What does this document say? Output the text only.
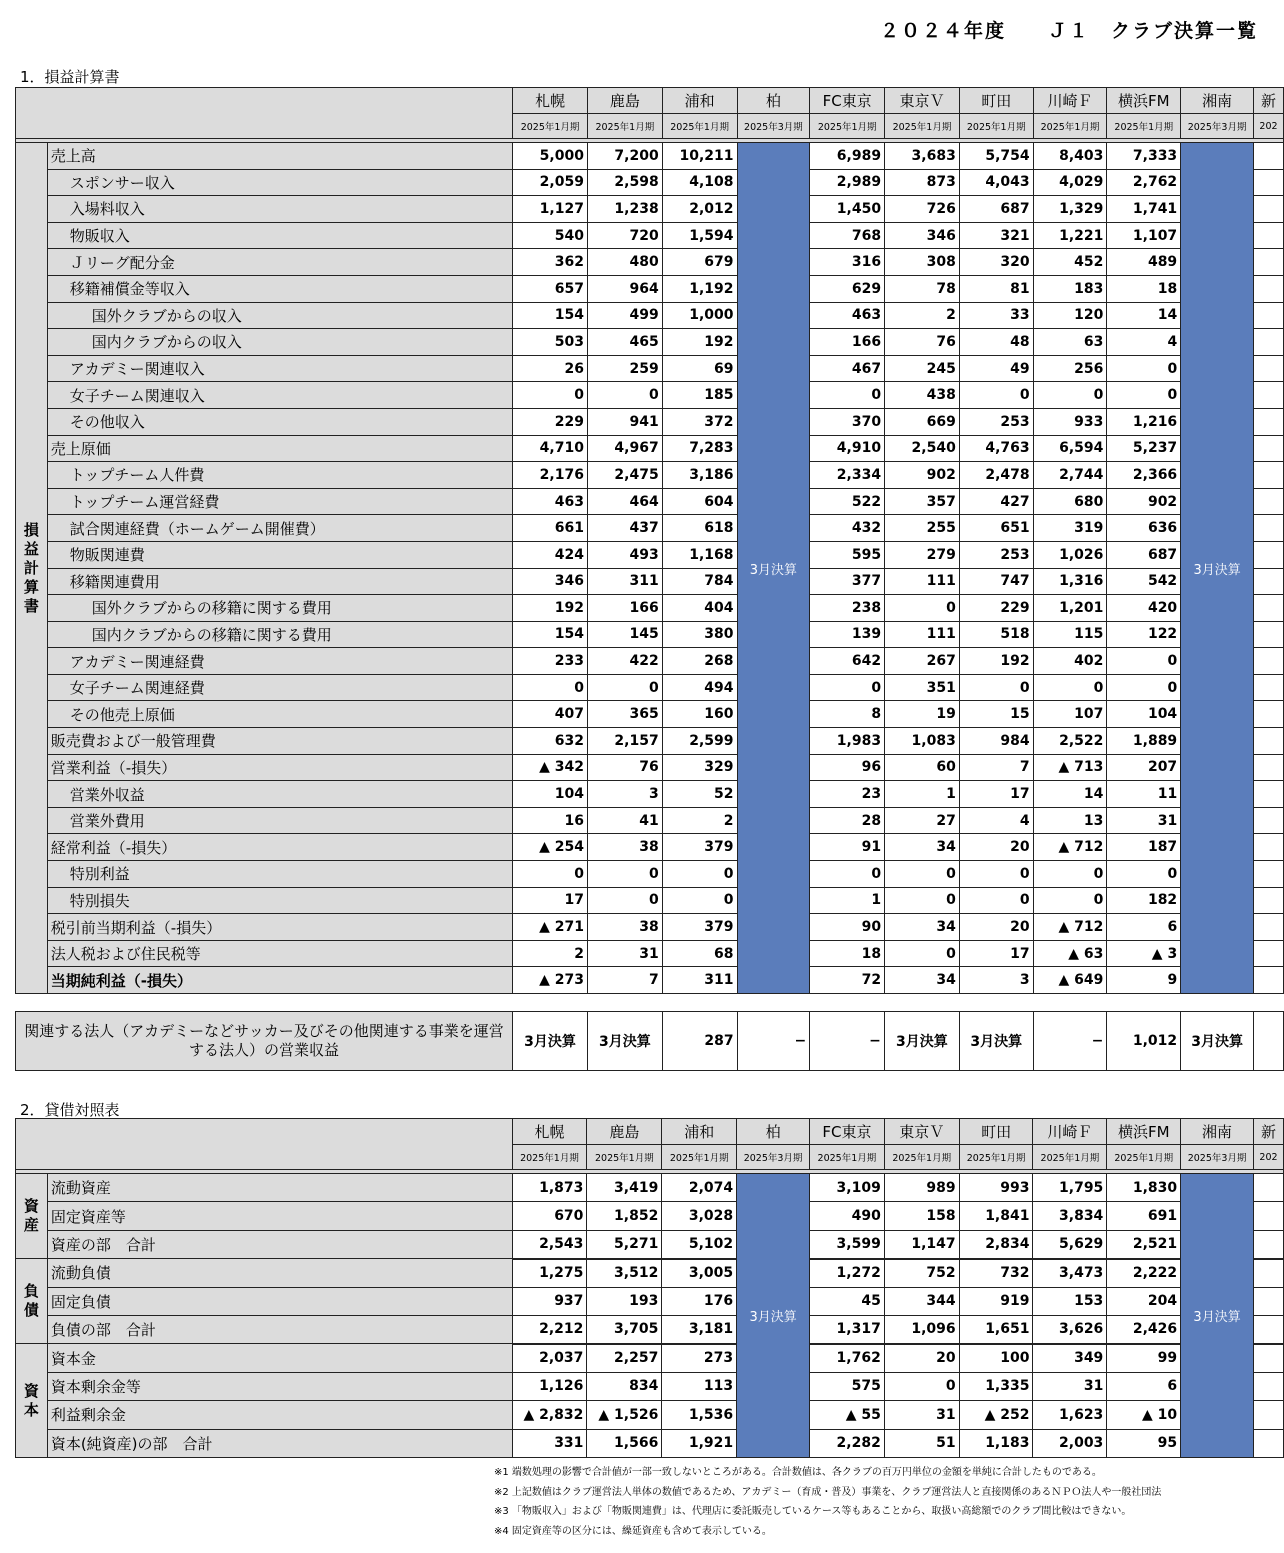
２０２４年度　　Ｊ１　クラブ決算一覧
1．損益計算書
		札幌	鹿島	浦和	柏	FC東京	東京Ｖ	町田	川崎Ｆ	横浜FM	湘南	新
		2025年1月期	2025年1月期	2025年1月期	2025年3月期	2025年1月期	2025年1月期	2025年1月期	2025年1月期	2025年1月期	2025年3月期	202

損益計算書	売上高	5,000	7,200	10,211	3月決算	6,989	3,683	5,754	8,403	7,333	3月決算	
	スポンサー収入	2,059	2,598	4,108		2,989	873	4,043	4,029	2,762		
	入場料収入	1,127	1,238	2,012		1,450	726	687	1,329	1,741		
	物販収入	540	720	1,594		768	346	321	1,221	1,107		
	Ｊリーグ配分金	362	480	679		316	308	320	452	489		
	移籍補償金等収入	657	964	1,192		629	78	81	183	18		
	国外クラブからの収入	154	499	1,000		463	2	33	120	14		
	国内クラブからの収入	503	465	192		166	76	48	63	4		
	アカデミー関連収入	26	259	69		467	245	49	256	0		
	女子チーム関連収入	0	0	185		0	438	0	0	0		
	その他収入	229	941	372		370	669	253	933	1,216		
	売上原価	4,710	4,967	7,283		4,910	2,540	4,763	6,594	5,237		
	トップチーム人件費	2,176	2,475	3,186		2,334	902	2,478	2,744	2,366		
	トップチーム運営経費	463	464	604		522	357	427	680	902		
	試合関連経費（ホームゲーム開催費）	661	437	618		432	255	651	319	636		
	物販関連費	424	493	1,168		595	279	253	1,026	687		
	移籍関連費用	346	311	784		377	111	747	1,316	542		
	国外クラブからの移籍に関する費用	192	166	404		238	0	229	1,201	420		
	国内クラブからの移籍に関する費用	154	145	380		139	111	518	115	122		
	アカデミー関連経費	233	422	268		642	267	192	402	0		
	女子チーム関連経費	0	0	494		0	351	0	0	0		
	その他売上原価	407	365	160		8	19	15	107	104		
	販売費および一般管理費	632	2,157	2,599		1,983	1,083	984	2,522	1,889		
	営業利益（-損失）	▲ 342	76	329		96	60	7	▲ 713	207		
	営業外収益	104	3	52		23	1	17	14	11		
	営業外費用	16	41	2		28	27	4	13	31		
	経常利益（-損失）	▲ 254	38	379		91	34	20	▲ 712	187		
	特別利益	0	0	0		0	0	0	0	0		
	特別損失	17	0	0		1	0	0	0	182		
	税引前当期利益（-損失）	▲ 271	38	379		90	34	20	▲ 712	6		
	法人税および住民税等	2	31	68		18	0	17	▲ 63	▲ 3		
	当期純利益（-損失）	▲ 273	7	311		72	34	3	▲ 649	9		
関連する法人（アカデミーなどサッカー及びその他関連する事業を運営する法人）の営業収益	3月決算	3月決算	287	−	−	3月決算	3月決算	−	1,012	3月決算	
2．貸借対照表
		札幌	鹿島	浦和	柏	FC東京	東京Ｖ	町田	川崎Ｆ	横浜FM	湘南	新
		2025年1月期	2025年1月期	2025年1月期	2025年3月期	2025年1月期	2025年1月期	2025年1月期	2025年1月期	2025年1月期	2025年3月期	202

資産	流動資産	1,873	3,419	2,074	3月決算	3,109	989	993	1,795	1,830	3月決算	
	固定資産等	670	1,852	3,028		490	158	1,841	3,834	691		
	資産の部　合計	2,543	5,271	5,102		3,599	1,147	2,834	5,629	2,521		
負債	流動負債	1,275	3,512	3,005		1,272	752	732	3,473	2,222		
	固定負債	937	193	176		45	344	919	153	204		
	負債の部　合計	2,212	3,705	3,181		1,317	1,096	1,651	3,626	2,426		
資本	資本金	2,037	2,257	273		1,762	20	100	349	99		
	資本剰余金等	1,126	834	113		575	0	1,335	31	6		
	利益剰余金	▲ 2,832	▲ 1,526	1,536		▲ 55	31	▲ 252	1,623	▲ 10		
	資本(純資産)の部　合計	331	1,566	1,921		2,282	51	1,183	2,003	95		
※1 端数処理の影響で合計値が一部一致しないところがある。合計数値は、各クラブの百万円単位の金額を単純に合計したものである。
※2 上記数値はクラブ運営法人単体の数値であるため、アカデミー（育成・普及）事業を、クラブ運営法人と直接関係のあるＮＰＯ法人や一般社団法
※3 「物販収入」および「物販関連費」は、代理店に委託販売しているケース等もあることから、取扱い高総額でのクラブ間比較はできない。
※4 固定資産等の区分には、繰延資産も含めて表示している。
